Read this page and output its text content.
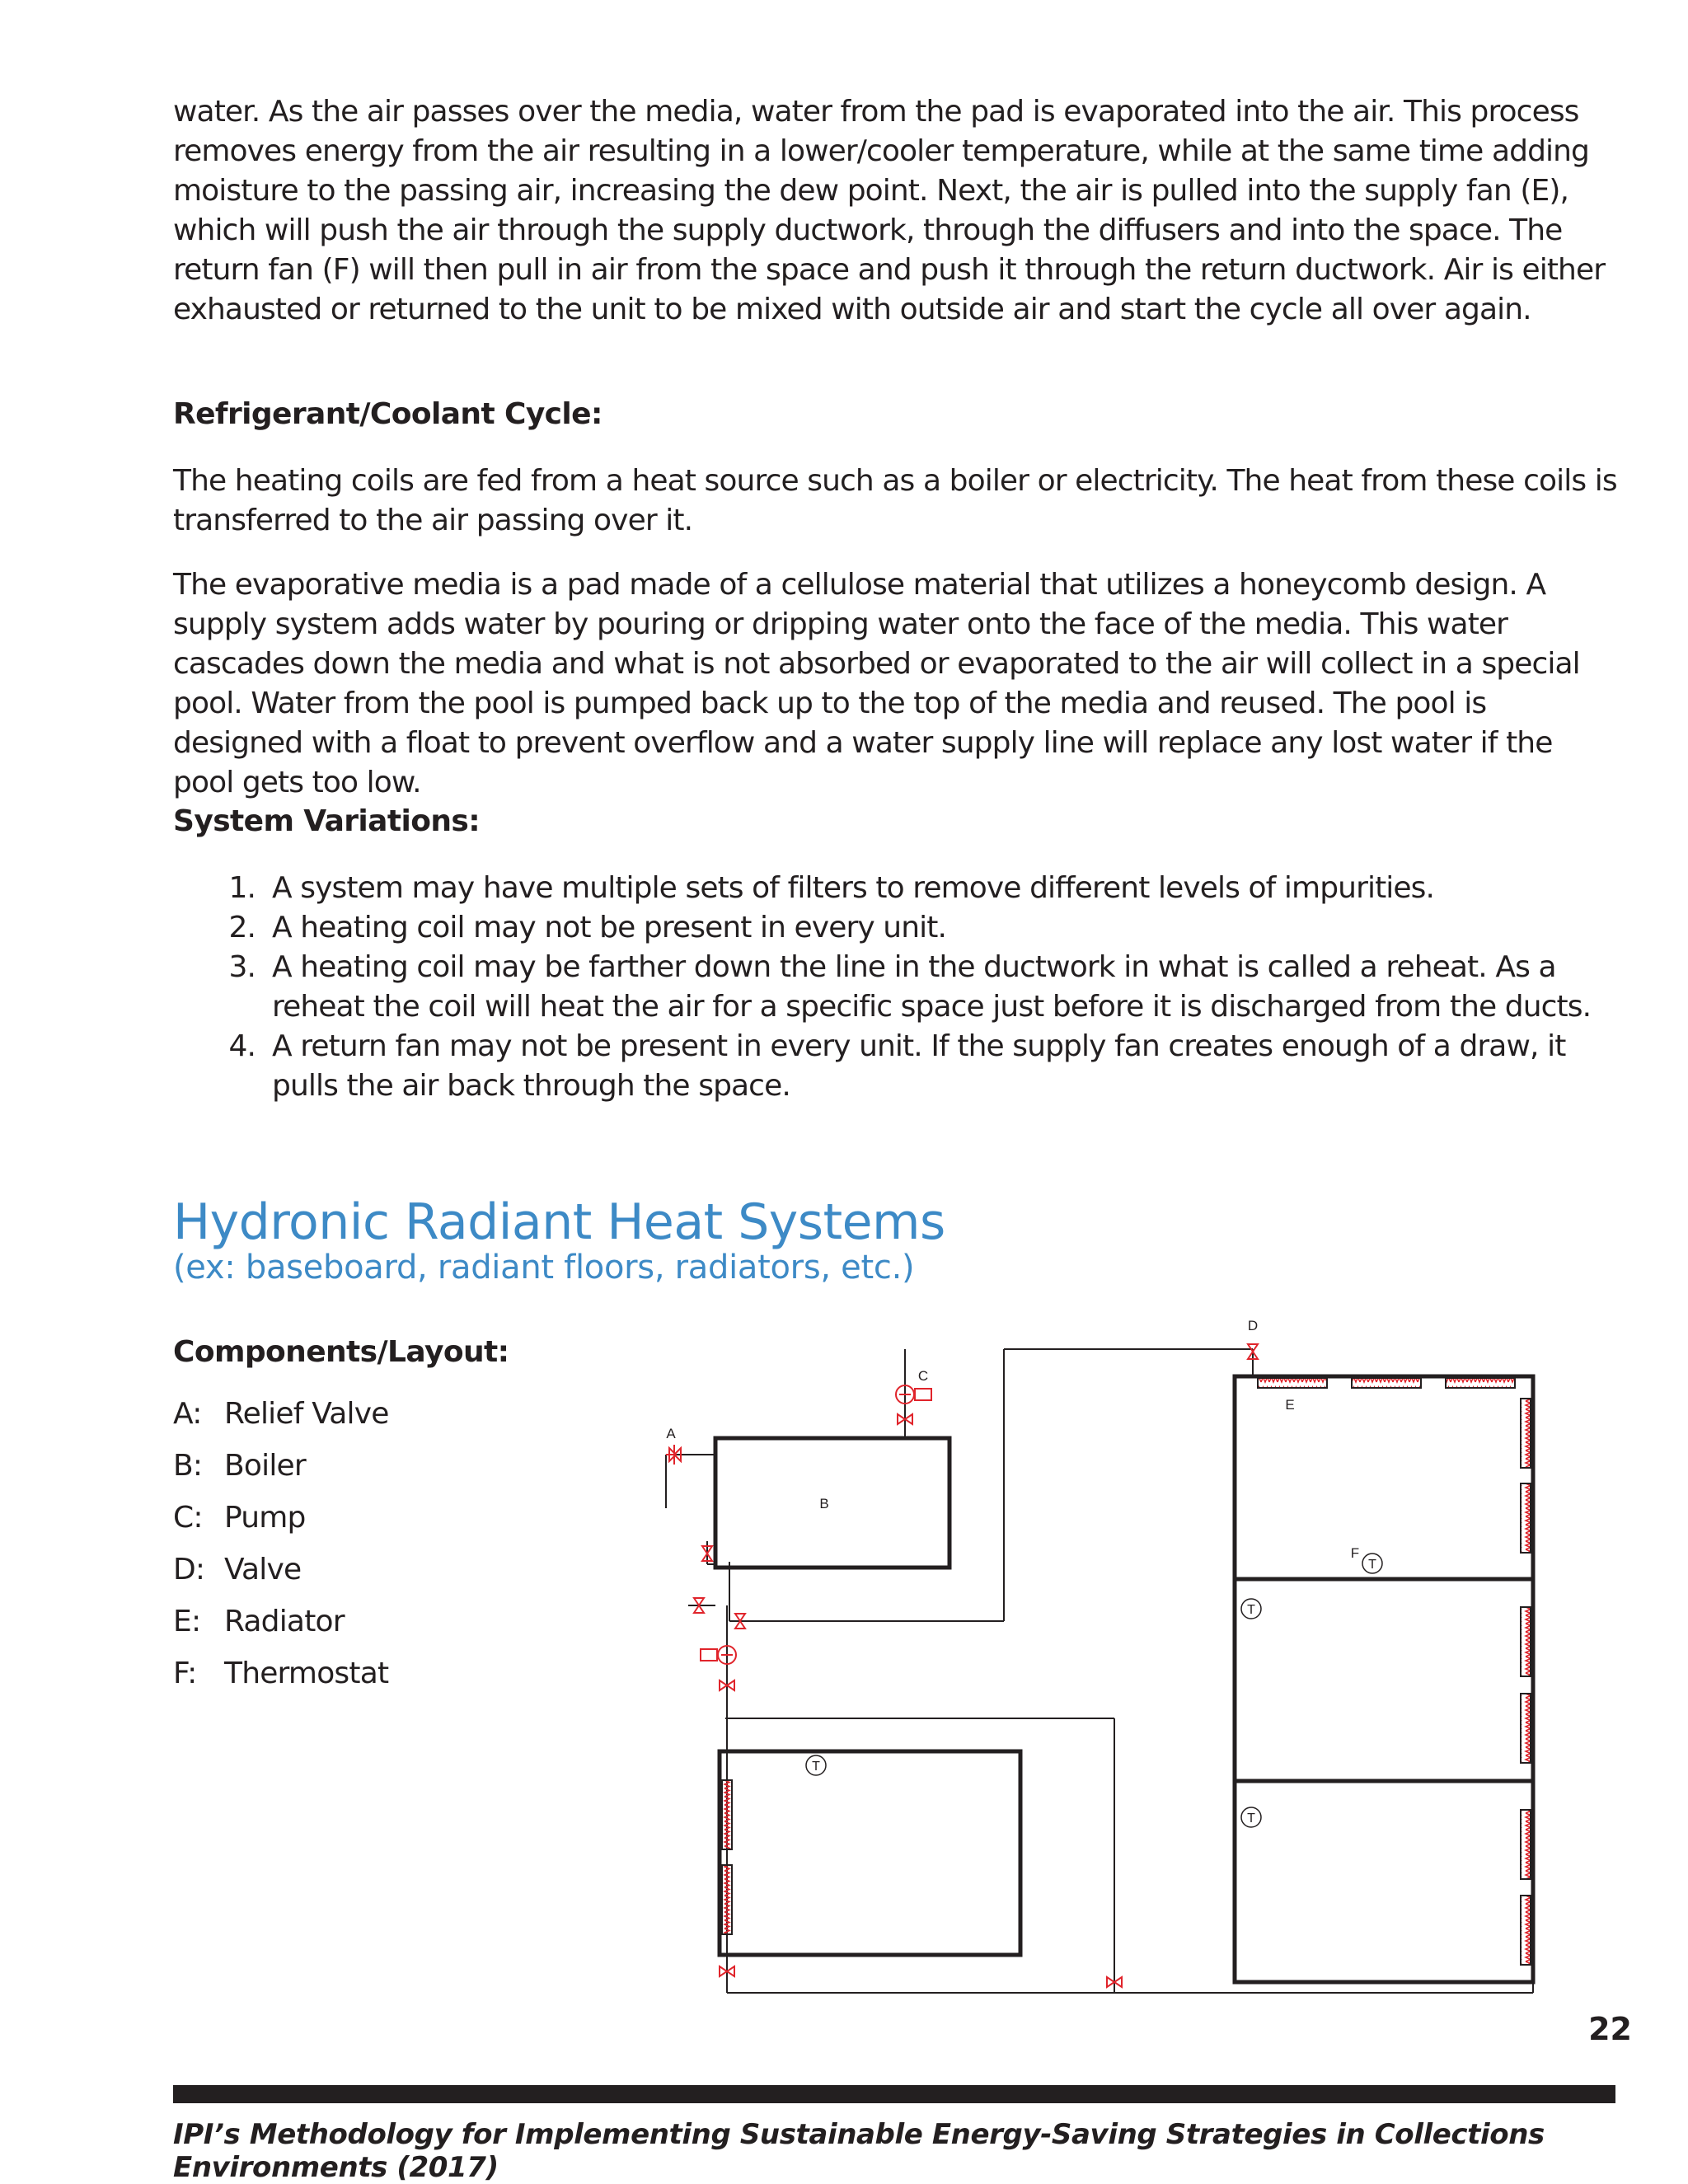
water. As the air passes over the media, water from the pad is evaporated into the air. This process removes energy from the air resulting in a lower/cooler temperature, while at the same time adding moisture to the passing air, increasing the dew point. Next, the air is pulled into the supply fan (E), which will push the air through the supply ductwork, through the diffusers and into the space. The return fan (F) will then pull in air from the space and push it through the return ductwork. Air is either exhausted or returned to the unit to be mixed with outside air and start the cycle all over again.

Refrigerant/Coolant Cycle:

The heating coils are fed from a heat source such as a boiler or electricity. The heat from these coils is transferred to the air passing over it.

The evaporative media is a pad made of a cellulose material that utilizes a honeycomb design. A supply system adds water by pouring or dripping water onto the face of the media. This water cascades down the media and what is not absorbed or evaporated to the air will collect in a special pool. Water from the pool is pumped back up to the top of the media and reused. The pool is designed with a float to prevent overflow and a water supply line will replace any lost water if the pool gets too low.

System Variations:
1. A system may have multiple sets of filters to remove different levels of impurities.
2. A heating coil may not be present in every unit.
3. A heating coil may be farther down the line in the ductwork in what is called a reheat. As a reheat the coil will heat the air for a specific space just before it is discharged from the ducts.
4. A return fan may not be present in every unit. If the supply fan creates enough of a draw, it pulls the air back through the space.
Hydronic Radiant Heat Systems

(ex: baseboard, radiant floors, radiators, etc.)

Components/Layout:
A: Relief Valve
B: Boiler
C: Pump
D: Valve
E: Radiator
F: Thermostat
T
T
T
T
A
B
C
D
E
F
22

IPI’s Methodology for Implementing Sustainable Energy-Saving Strategies in Collections Environments (2017)
